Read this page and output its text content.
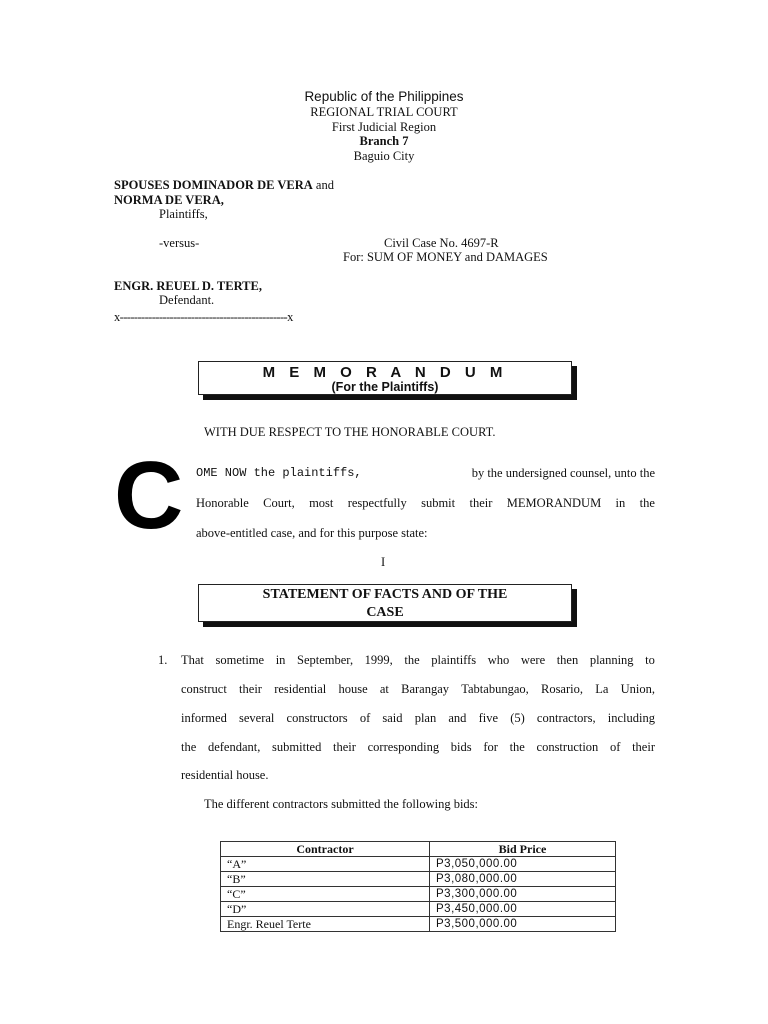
Republic of the Philippines
REGIONAL TRIAL COURT
First Judicial Region
Branch 7
Baguio City
SPOUSES DOMINADOR DE VERA and
NORMA DE VERA,
Plaintiffs,
-versus-	Civil Case No. 4697-R
For: SUM OF MONEY and DAMAGES
ENGR. REUEL D. TERTE,
Defendant.
x-----------------------------------------------x
M E M O R A N D U M
(For the Plaintiffs)
WITH DUE RESPECT TO THE HONORABLE COURT.
C OME NOW the plaintiffs,	by the undersigned counsel, unto the
Honorable Court, most respectfully submit their MEMORANDUM in the
above-entitled case, and for this purpose state:
I
STATEMENT OF FACTS AND OF THE
CASE
1. That sometime in September, 1999, the plaintiffs who were then planning to
construct their residential house at Barangay Tabtabungao, Rosario, La Union,
informed several constructors of said plan and five (5) contractors, including
the defendant, submitted their corresponding bids for the construction of their
residential house.
The different contractors submitted the following bids:
Contractor	Bid Price
“A”	P3,050,000.00
“B”	P3,080,000.00
“C”	P3,300,000.00
“D”	P3,450,000.00
Engr. Reuel Terte	P3,500,000.00
